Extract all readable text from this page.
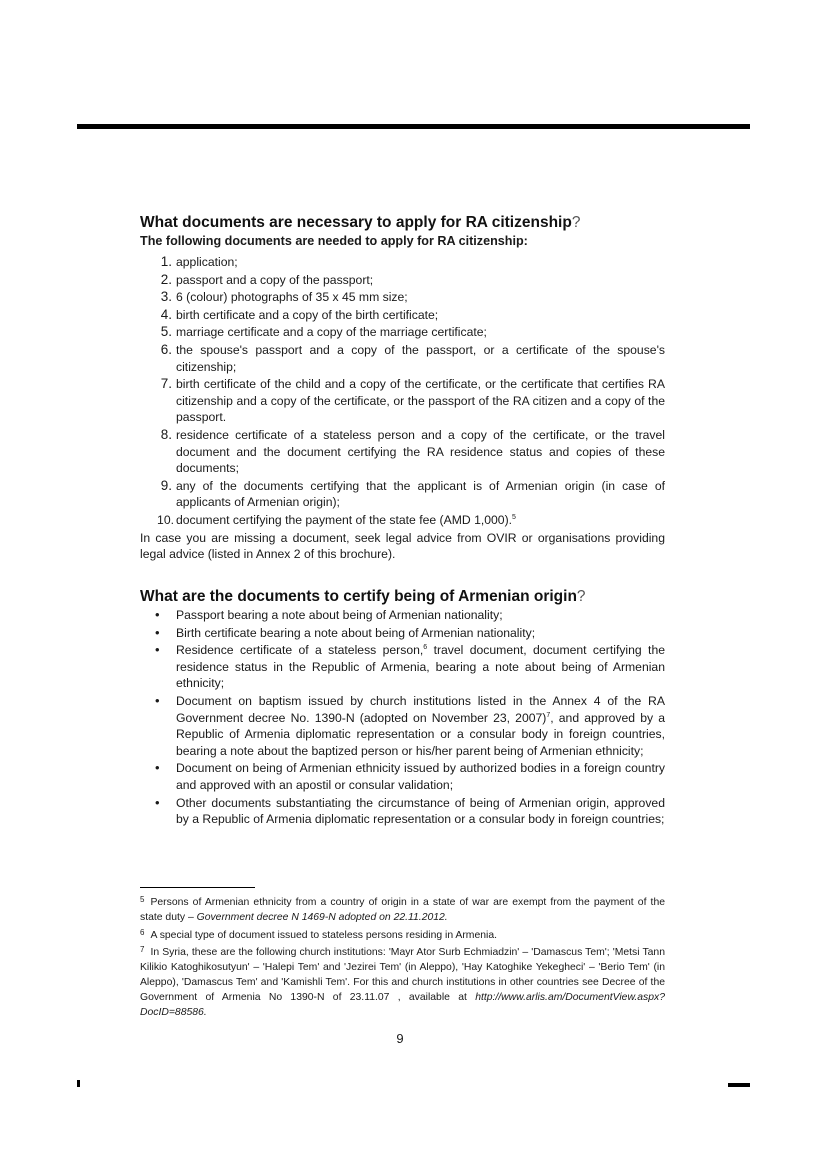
What documents are necessary to apply for RA citizenship?

The following documents are needed to apply for RA citizenship:

1. application;
2. passport and a copy of the passport;
3. 6 (colour) photographs of 35 x 45 mm size;
4. birth certificate and a copy of the birth certificate;
5. marriage certificate and a copy of the marriage certificate;
6. the spouse's passport and a copy of the passport, or a certificate of the spouse's citizenship;
7. birth certificate of the child and a copy of the certificate, or the certificate that certifies RA citizenship and a copy of the certificate, or the passport of the RA citizen and a copy of the passport.
8. residence certificate of a stateless person and a copy of the certificate, or the travel document and the document certifying the RA residence status and copies of these documents;
9. any of the documents certifying that the applicant is of Armenian origin (in case of applicants of Armenian origin);
10. document certifying the payment of the state fee (AMD 1,000).$^5$

In case you are missing a document, seek legal advice from OVIR or organisations providing legal advice (listed in Annex 2 of this brochure).

What are the documents to certify being of Armenian origin?
• Passport bearing a note about being of Armenian nationality;
• Birth certificate bearing a note about being of Armenian nationality;
• Residence certificate of a stateless person,$^6$ travel document, document certifying the residence status in the Republic of Armenia, bearing a note about being of Armenian ethnicity;
• Document on baptism issued by church institutions listed in the Annex 4 of the RA Government decree No. 1390-N (adopted on November 23, 2007)$^7$, and approved by a Republic of Armenia diplomatic representation or a consular body in foreign countries, bearing a note about the baptized person or his/her parent being of Armenian ethnicity;
• Document on being of Armenian ethnicity issued by authorized bodies in a foreign country and approved with an apostil or consular validation;
• Other documents substantiating the circumstance of being of Armenian origin, approved by a Republic of Armenia diplomatic representation or a consular body in foreign countries;

$^5$ Persons of Armenian ethnicity from a country of origin in a state of war are exempt from the payment of the state duty – Government decree N 1469-N adopted on 22.11.2012.

$^6$ A special type of document issued to stateless persons residing in Armenia.

$^7$ In Syria, these are the following church institutions: 'Mayr Ator Surb Echmiadzin' – 'Damascus Tem'; 'Metsi Tann Kilikio Katoghikosutyun' – 'Halepi Tem' and 'Jezirei Tem' (in Aleppo), 'Hay Katoghike Yekegheci' – 'Berio Tem' (in Aleppo), 'Damascus Tem' and 'Kamishli Tem'. For this and church institutions in other countries see Decree of the Government of Armenia No 1390-N of 23.11.07 , available at http://www.arlis.am/DocumentView.aspx?DocID=88586.

9
